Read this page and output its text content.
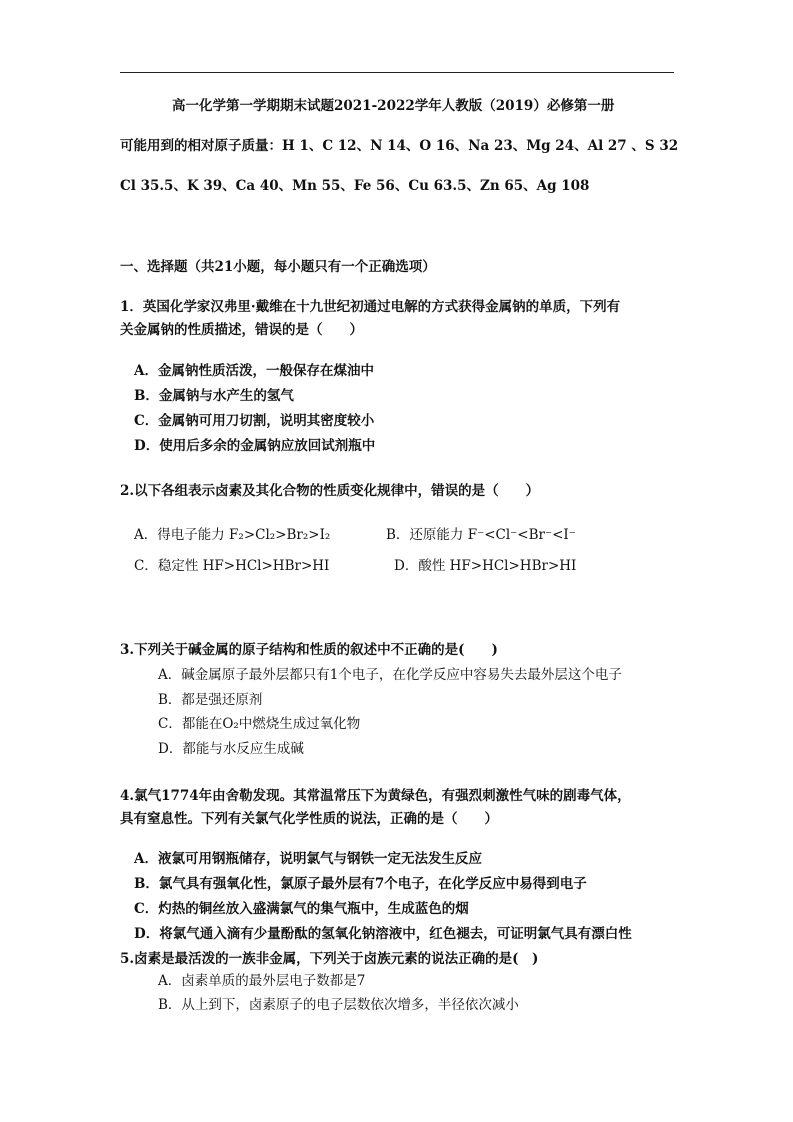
高一化学第一学期期末试题2021-2022学年人教版（2019）必修第一册
可能用到的相对原子质量：H 1、C 12、N 14、O 16、Na 23、Mg 24、Al 27 、S 32
Cl 35.5、K 39、Ca 40、Mn 55、Fe 56、Cu 63.5、Zn 65、Ag 108
一、选择题（共21小题，每小题只有一个正确选项）
1．英国化学家汉弗里·戴维在十九世纪初通过电解的方式获得金属钠的单质，下列有
关金属钠的性质描述，错误的是（　　）
A．金属钠性质活泼，一般保存在煤油中
B．金属钠与水产生的氢气
C．金属钠可用刀切割，说明其密度较小
D．使用后多余的金属钠应放回试剂瓶中
2.以下各组表示卤素及其化合物的性质变化规律中，错误的是（　　）
A．得电子能力 F₂>Cl₂>Br₂>I₂	B．还原能力 F⁻<Cl⁻<Br⁻<I⁻
C．稳定性 HF>HCl>HBr>HI	D．酸性 HF>HCl>HBr>HI
3.下列关于碱金属的原子结构和性质的叙述中不正确的是(　　)
A．碱金属原子最外层都只有1个电子，在化学反应中容易失去最外层这个电子
B．都是强还原剂
C．都能在O₂中燃烧生成过氧化物
D．都能与水反应生成碱
4.氯气1774年由舍勒发现。其常温常压下为黄绿色，有强烈刺激性气味的剧毒气体，
具有窒息性。下列有关氯气化学性质的说法，正确的是（　　）
A．液氯可用钢瓶储存，说明氯气与钢铁一定无法发生反应
B．氯气具有强氧化性，氯原子最外层有7个电子，在化学反应中易得到电子
C．灼热的铜丝放入盛满氯气的集气瓶中，生成蓝色的烟
D．将氯气通入滴有少量酚酞的氢氧化钠溶液中，红色褪去，可证明氯气具有漂白性
5.卤素是最活泼的一族非金属，下列关于卤族元素的说法正确的是(　)
A．卤素单质的最外层电子数都是7
B．从上到下，卤素原子的电子层数依次增多，半径依次减小
